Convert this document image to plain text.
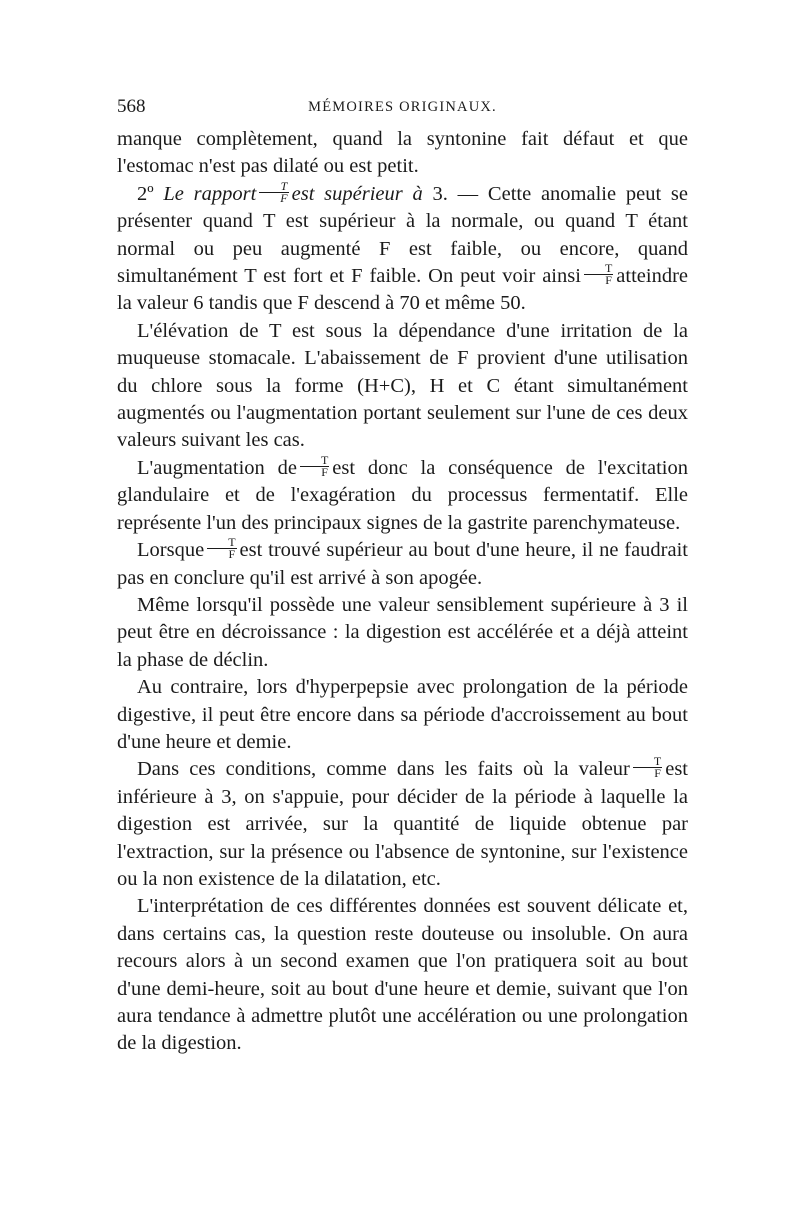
568	MÉMOIRES ORIGINAUX.

manque complètement, quand la syntonine fait défaut et que l'estomac n'est pas dilaté ou est petit.

2º Le rapport $\frac{T}{F}$ est supérieur à 3. — Cette anomalie peut se présenter quand T est supérieur à la normale, ou quand T étant normal ou peu augmenté F est faible, ou encore, quand simultanément T est fort et F faible. On peut voir ainsi $\frac{T}{F}$ atteindre la valeur 6 tandis que F descend à 70 et même 50.

L'élévation de T est sous la dépendance d'une irritation de la muqueuse stomacale. L'abaissement de F provient d'une utilisation du chlore sous la forme (H+C), H et C étant simultanément augmentés ou l'augmentation portant seulement sur l'une de ces deux valeurs suivant les cas.

L'augmentation de $\frac{T}{F}$ est donc la conséquence de l'excitation glandulaire et de l'exagération du processus fermentatif. Elle représente l'un des principaux signes de la gastrite parenchymateuse.

Lorsque $\frac{T}{F}$ est trouvé supérieur au bout d'une heure, il ne faudrait pas en conclure qu'il est arrivé à son apogée.

Même lorsqu'il possède une valeur sensiblement supérieure à 3 il peut être en décroissance : la digestion est accélérée et a déjà atteint la phase de déclin.

Au contraire, lors d'hyperpepsie avec prolongation de la période digestive, il peut être encore dans sa période d'accroissement au bout d'une heure et demie.

Dans ces conditions, comme dans les faits où la valeur $\frac{T}{F}$ est inférieure à 3, on s'appuie, pour décider de la période à laquelle la digestion est arrivée, sur la quantité de liquide obtenue par l'extraction, sur la présence ou l'absence de syntonine, sur l'existence ou la non existence de la dilatation, etc.

L'interprétation de ces différentes données est souvent délicate et, dans certains cas, la question reste douteuse ou insoluble. On aura recours alors à un second examen que l'on pratiquera soit au bout d'une demi-heure, soit au bout d'une heure et demie, suivant que l'on aura tendance à admettre plutôt une accélération ou une prolongation de la digestion.
